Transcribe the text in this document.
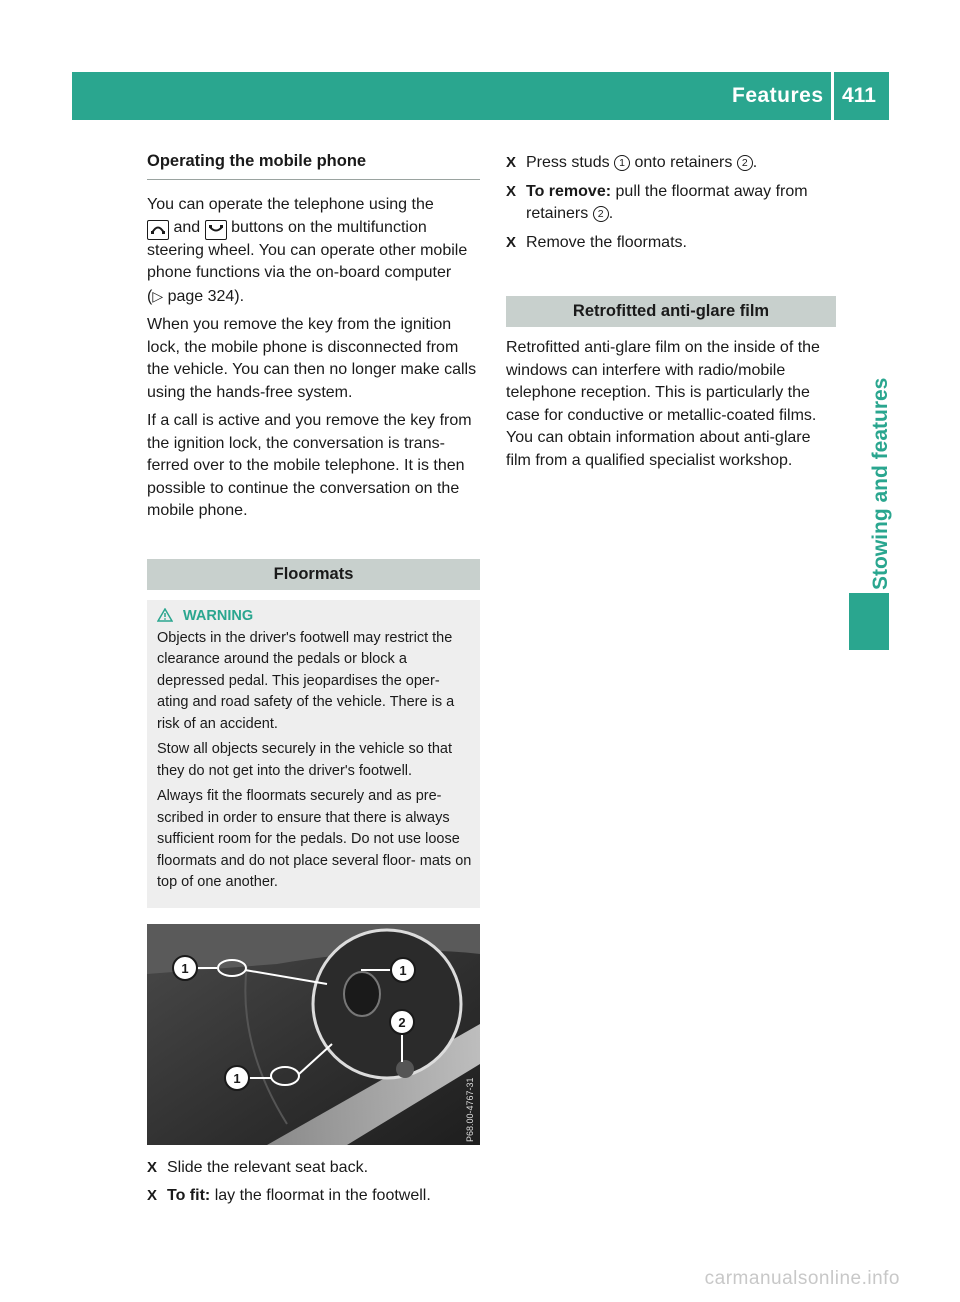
Features 411
Stowing and features
Operating the mobile phone

You can operate the telephone using the
and buttons on the multifunction steering wheel. You can operate other mobile phone functions via the on-board computer
(▷ page 324).

When you remove the key from the ignition lock, the mobile phone is disconnected from the vehicle. You can then no longer make calls using the hands-free system.

If a call is active and you remove the key from the ignition lock, the conversation is trans- ferred over to the mobile telephone. It is then possible to continue the conversation on the mobile phone.

Floormats
WARNING

Objects in the driver's footwell may restrict the clearance around the pedals or block a depressed pedal. This jeopardises the oper- ating and road safety of the vehicle. There is a risk of an accident.

Stow all objects securely in the vehicle so that they do not get into the driver's footwell.

Always fit the floormats securely and as pre- scribed in order to ensure that there is always sufficient room for the pedals. Do not use loose floormats and do not place several floor- mats on top of one another.

1	1
2
1	P68.00-4767-31
X Slide the relevant seat back.
X To fit: lay the floormat in the footwell.
X Press studs 1 onto retainers 2 .
X To remove: pull the floormat away from retainers 2 .
X Remove the floormats.
Retrofitted anti-glare film

Retrofitted anti-glare film on the inside of the windows can interfere with radio/mobile telephone reception. This is particularly the case for conductive or metallic-coated films. You can obtain information about anti-glare film from a qualified specialist workshop.

carmanualsonline.info
